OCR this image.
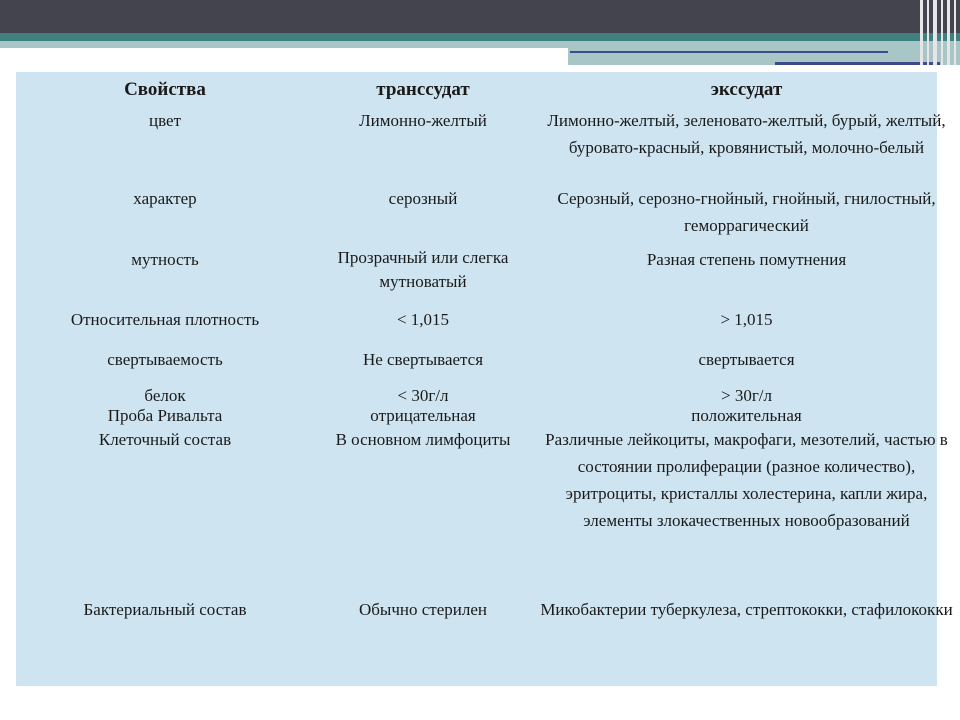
Свойства	транссудат	экссудат
цвет	Лимонно-желтый	Лимонно-желтый, зеленовато-желтый, бурый, желтый, буровато-красный, кровянистый, молочно-белый
характер	серозный	Серозный, серозно-гнойный, гнойный, гнилостный, геморрагический
мутность	Прозрачный или слегка мутноватый	Разная степень помутнения
Относительная плотность	< 1,015	> 1,015
свертываемость	Не свертывается	свертывается
белок	< 30г/л	> 30г/л
Проба Ривальта	отрицательная	положительная
Клеточный состав	В основном лимфоциты	Различные лейкоциты, макрофаги, мезотелий, частью в состоянии пролиферации (разное количество), эритроциты, кристаллы холестерина, капли жира, элементы злокачественных новообразований
Бактериальный состав	Обычно стерилен	Микобактерии туберкулеза, стрептококки, стафилококки
